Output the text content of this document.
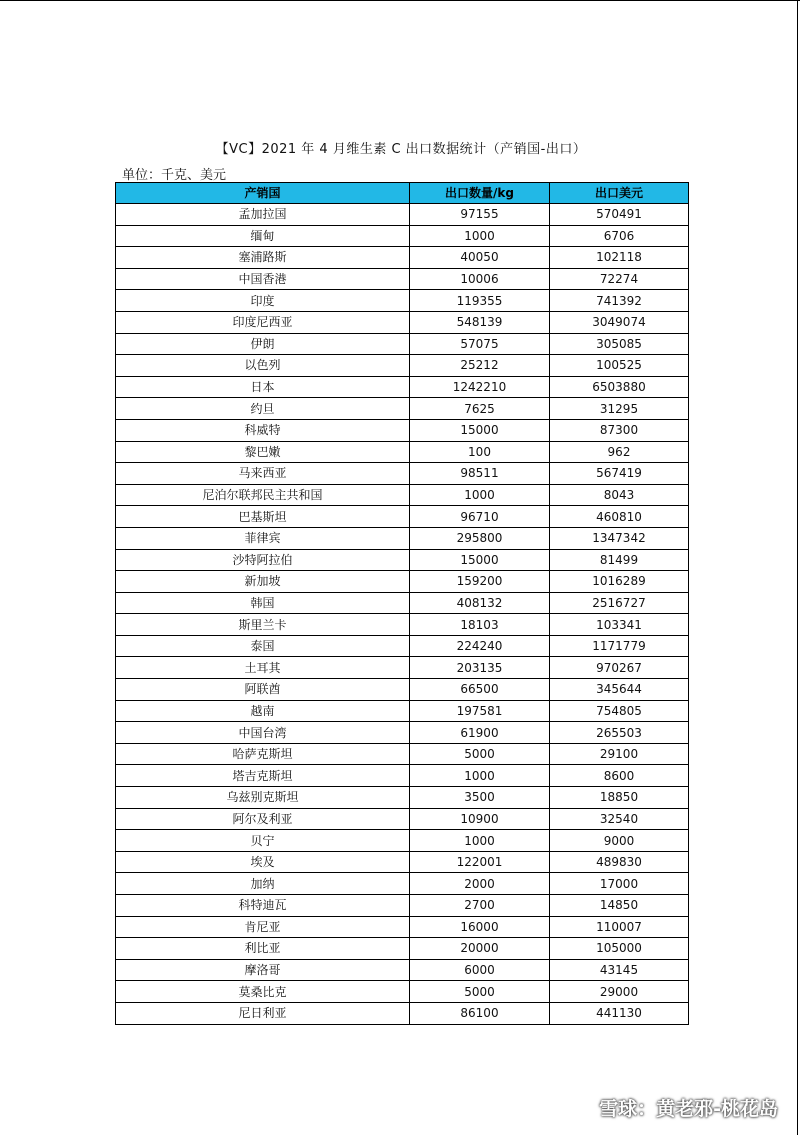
【VC】2021 年 4 月维生素 C 出口数据统计（产销国-出口）
单位：千克、美元
产销国	出口数量/kg	出口美元
孟加拉国	97155	570491
缅甸	1000	6706
塞浦路斯	40050	102118
中国香港	10006	72274
印度	119355	741392
印度尼西亚	548139	3049074
伊朗	57075	305085
以色列	25212	100525
日本	1242210	6503880
约旦	7625	31295
科威特	15000	87300
黎巴嫩	100	962
马来西亚	98511	567419
尼泊尔联邦民主共和国	1000	8043
巴基斯坦	96710	460810
菲律宾	295800	1347342
沙特阿拉伯	15000	81499
新加坡	159200	1016289
韩国	408132	2516727
斯里兰卡	18103	103341
泰国	224240	1171779
土耳其	203135	970267
阿联酋	66500	345644
越南	197581	754805
中国台湾	61900	265503
哈萨克斯坦	5000	29100
塔吉克斯坦	1000	8600
乌兹别克斯坦	3500	18850
阿尔及利亚	10900	32540
贝宁	1000	9000
埃及	122001	489830
加纳	2000	17000
科特迪瓦	2700	14850
肯尼亚	16000	110007
利比亚	20000	105000
摩洛哥	6000	43145
莫桑比克	5000	29000
尼日利亚	86100	441130
雪球：黄老邪-桃花岛
